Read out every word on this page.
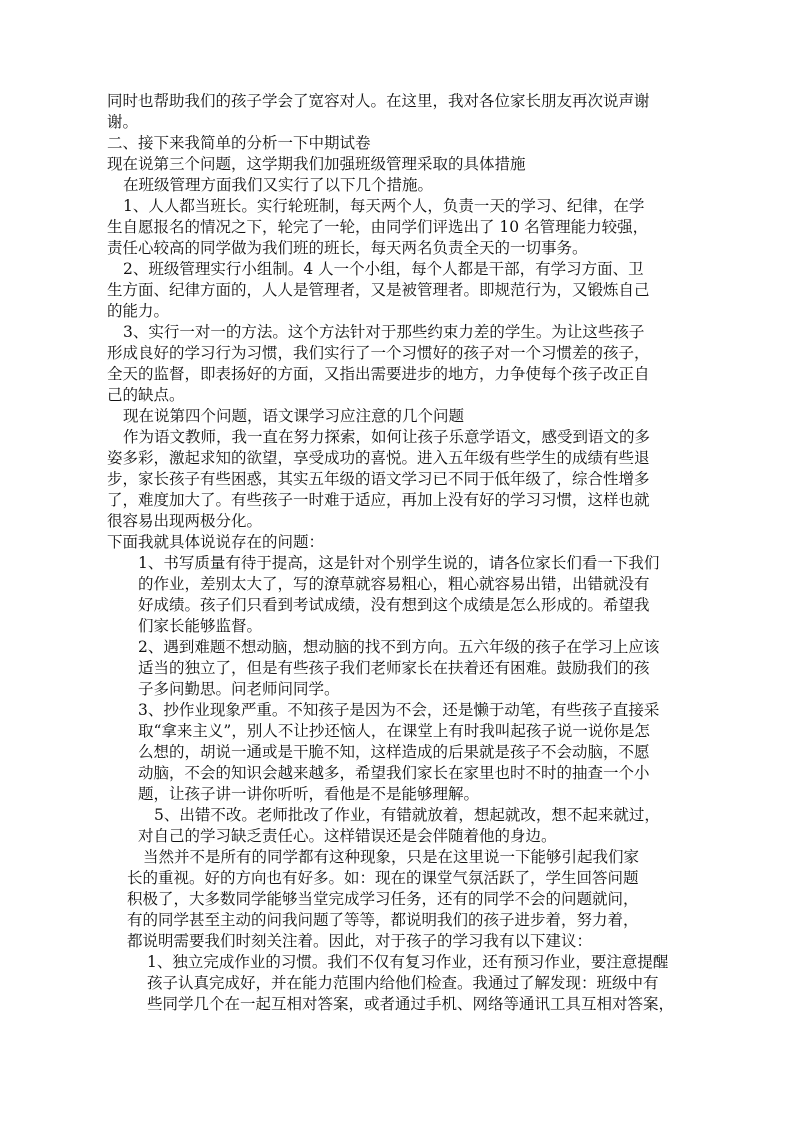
同时也帮助我们的孩子学会了宽容对人。在这里，我对各位家长朋友再次说声谢
谢。
二、接下来我简单的分析一下中期试卷
现在说第三个问题，这学期我们加强班级管理采取的具体措施
在班级管理方面我们又实行了以下几个措施。
1、人人都当班长。实行轮班制，每天两个人，负责一天的学习、纪律，在学
生自愿报名的情况之下，轮完了一轮，由同学们评选出了 10 名管理能力较强，
责任心较高的同学做为我们班的班长，每天两名负责全天的一切事务。
2、班级管理实行小组制。4 人一个小组，每个人都是干部，有学习方面、卫
生方面、纪律方面的，人人是管理者，又是被管理者。即规范行为，又锻炼自己
的能力。
3、实行一对一的方法。这个方法针对于那些约束力差的学生。为让这些孩子
形成良好的学习行为习惯，我们实行了一个习惯好的孩子对一个习惯差的孩子，
全天的监督，即表扬好的方面，又指出需要进步的地方，力争使每个孩子改正自
己的缺点。
现在说第四个问题，语文课学习应注意的几个问题
作为语文教师，我一直在努力探索，如何让孩子乐意学语文，感受到语文的多
姿多彩，激起求知的欲望，享受成功的喜悦。进入五年级有些学生的成绩有些退
步，家长孩子有些困惑，其实五年级的语文学习已不同于低年级了，综合性增多
了，难度加大了。有些孩子一时难于适应，再加上没有好的学习习惯，这样也就
很容易出现两极分化。
下面我就具体说说存在的问题：
1、书写质量有待于提高，这是针对个别学生说的，请各位家长们看一下我们
的作业，差别太大了，写的潦草就容易粗心，粗心就容易出错，出错就没有
好成绩。孩子们只看到考试成绩，没有想到这个成绩是怎么形成的。希望我
们家长能够监督。
2、遇到难题不想动脑，想动脑的找不到方向。五六年级的孩子在学习上应该
适当的独立了，但是有些孩子我们老师家长在扶着还有困难。鼓励我们的孩
子多问勤思。问老师问同学。
3、抄作业现象严重。不知孩子是因为不会，还是懒于动笔，有些孩子直接采
取“拿来主义”，别人不让抄还恼人，在课堂上有时我叫起孩子说一说你是怎
么想的，胡说一通或是干脆不知，这样造成的后果就是孩子不会动脑，不愿
动脑，不会的知识会越来越多，希望我们家长在家里也时不时的抽查一个小
题，让孩子讲一讲你听听，看他是不是能够理解。
5、出错不改。老师批改了作业，有错就放着，想起就改，想不起来就过，
对自己的学习缺乏责任心。这样错误还是会伴随着他的身边。
当然并不是所有的同学都有这种现象，只是在这里说一下能够引起我们家
长的重视。好的方向也有好多。如：现在的课堂气氛活跃了，学生回答问题
积极了，大多数同学能够当堂完成学习任务，还有的同学不会的问题就问，
有的同学甚至主动的问我问题了等等，都说明我们的孩子进步着，努力着，
都说明需要我们时刻关注着。因此，对于孩子的学习我有以下建议：
1、独立完成作业的习惯。我们不仅有复习作业，还有预习作业，要注意提醒
孩子认真完成好，并在能力范围内给他们检查。我通过了解发现：班级中有
些同学几个在一起互相对答案，或者通过手机、网络等通讯工具互相对答案，
